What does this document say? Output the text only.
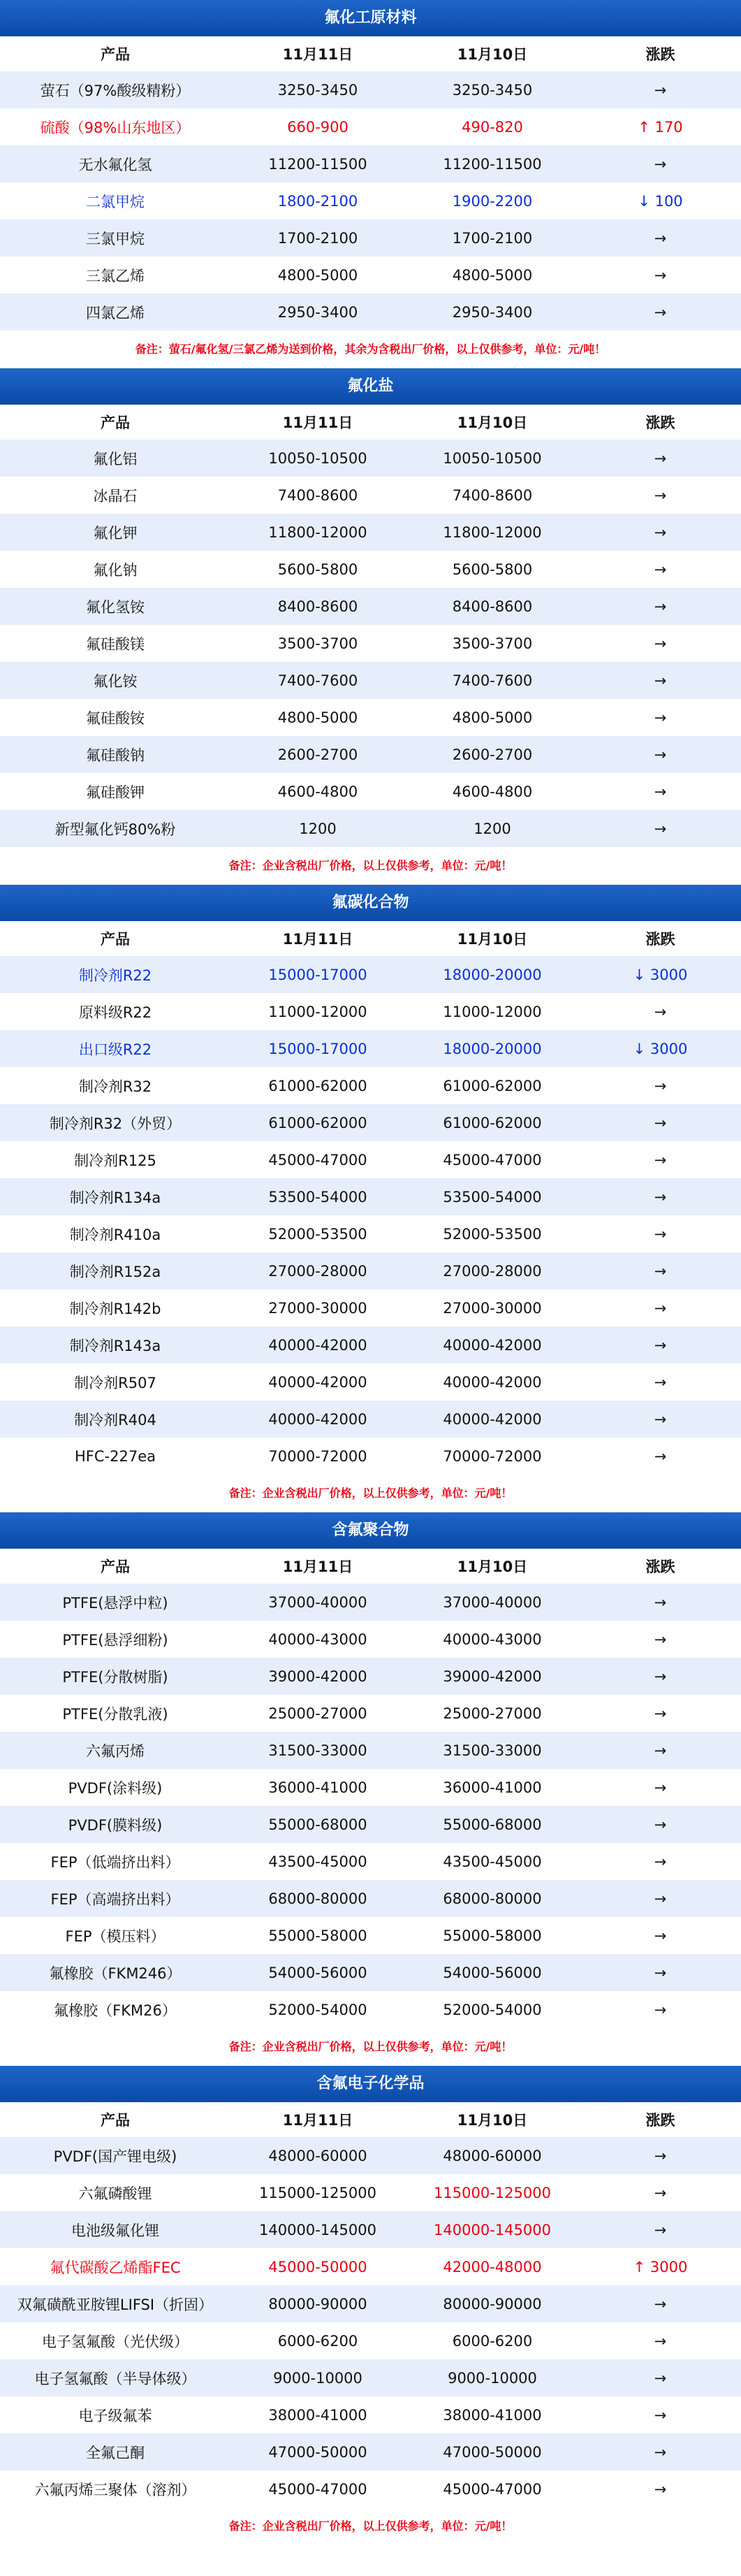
氟化工原材料
产品	11月11日	11月10日	涨跌
萤石（97%酸级精粉）	3250-3450	3250-3450	→
硫酸（98%山东地区）	660-900	490-820	↑ 170
无水氟化氢	11200-11500	11200-11500	→
二氯甲烷	1800-2100	1900-2200	↓ 100
三氯甲烷	1700-2100	1700-2100	→
三氯乙烯	4800-5000	4800-5000	→
四氯乙烯	2950-3400	2950-3400	→
备注：萤石/氟化氢/三氯乙烯为送到价格，其余为含税出厂价格，以上仅供参考，单位：元/吨！
氟化盐
产品	11月11日	11月10日	涨跌
氟化铝	10050-10500	10050-10500	→
冰晶石	7400-8600	7400-8600	→
氟化钾	11800-12000	11800-12000	→
氟化钠	5600-5800	5600-5800	→
氟化氢铵	8400-8600	8400-8600	→
氟硅酸镁	3500-3700	3500-3700	→
氟化铵	7400-7600	7400-7600	→
氟硅酸铵	4800-5000	4800-5000	→
氟硅酸钠	2600-2700	2600-2700	→
氟硅酸钾	4600-4800	4600-4800	→
新型氟化钙80%粉	1200	1200	→
备注：企业含税出厂价格，以上仅供参考，单位：元/吨！
氟碳化合物
产品	11月11日	11月10日	涨跌
制冷剂R22	15000-17000	18000-20000	↓ 3000
原料级R22	11000-12000	11000-12000	→
出口级R22	15000-17000	18000-20000	↓ 3000
制冷剂R32	61000-62000	61000-62000	→
制冷剂R32（外贸）	61000-62000	61000-62000	→
制冷剂R125	45000-47000	45000-47000	→
制冷剂R134a	53500-54000	53500-54000	→
制冷剂R410a	52000-53500	52000-53500	→
制冷剂R152a	27000-28000	27000-28000	→
制冷剂R142b	27000-30000	27000-30000	→
制冷剂R143a	40000-42000	40000-42000	→
制冷剂R507	40000-42000	40000-42000	→
制冷剂R404	40000-42000	40000-42000	→
HFC-227ea	70000-72000	70000-72000	→
备注：企业含税出厂价格，以上仅供参考，单位：元/吨！
含氟聚合物
产品	11月11日	11月10日	涨跌
PTFE(悬浮中粒)	37000-40000	37000-40000	→
PTFE(悬浮细粉)	40000-43000	40000-43000	→
PTFE(分散树脂)	39000-42000	39000-42000	→
PTFE(分散乳液)	25000-27000	25000-27000	→
六氟丙烯	31500-33000	31500-33000	→
PVDF(涂料级)	36000-41000	36000-41000	→
PVDF(膜料级)	55000-68000	55000-68000	→
FEP（低端挤出料）	43500-45000	43500-45000	→
FEP（高端挤出料）	68000-80000	68000-80000	→
FEP（模压料）	55000-58000	55000-58000	→
氟橡胶（FKM246）	54000-56000	54000-56000	→
氟橡胶（FKM26）	52000-54000	52000-54000	→
备注：企业含税出厂价格，以上仅供参考，单位：元/吨！
含氟电子化学品
产品	11月11日	11月10日	涨跌
PVDF(国产锂电级)	48000-60000	48000-60000	→
六氟磷酸锂	115000-125000	115000-125000	→
电池级氟化锂	140000-145000	140000-145000	→
氟代碳酸乙烯酯FEC	45000-50000	42000-48000	↑ 3000
双氟磺酰亚胺锂LIFSI（折固）	80000-90000	80000-90000	→
电子氢氟酸（光伏级）	6000-6200	6000-6200	→
电子氢氟酸（半导体级）	9000-10000	9000-10000	→
电子级氟苯	38000-41000	38000-41000	→
全氟己酮	47000-50000	47000-50000	→
六氟丙烯三聚体（溶剂）	45000-47000	45000-47000	→
备注：企业含税出厂价格，以上仅供参考，单位：元/吨！
